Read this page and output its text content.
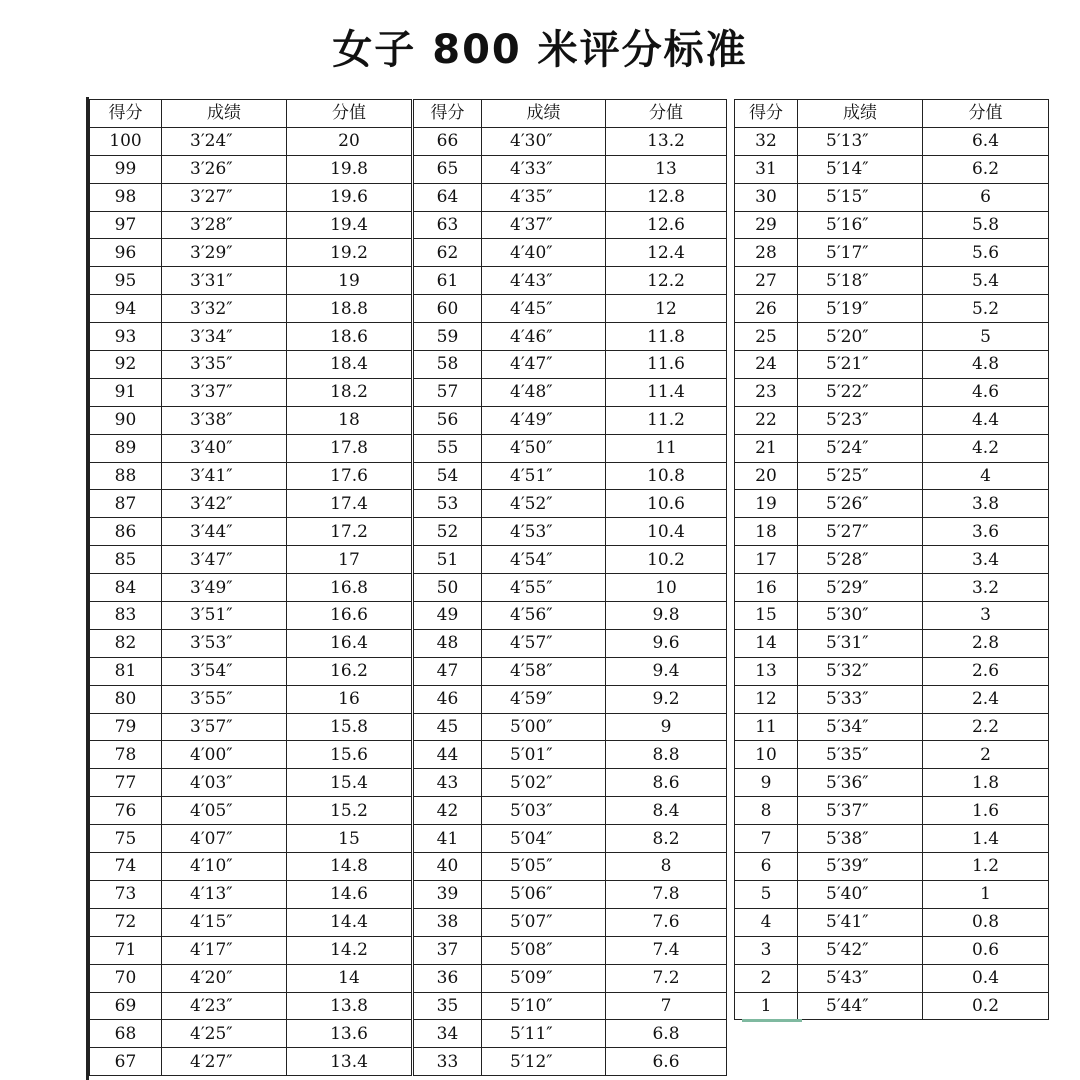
女子 800 米评分标准
得分	成绩	分值
100	3′24″	20
99	3′26″	19.8
98	3′27″	19.6
97	3′28″	19.4
96	3′29″	19.2
95	3′31″	19
94	3′32″	18.8
93	3′34″	18.6
92	3′35″	18.4
91	3′37″	18.2
90	3′38″	18
89	3′40″	17.8
88	3′41″	17.6
87	3′42″	17.4
86	3′44″	17.2
85	3′47″	17
84	3′49″	16.8
83	3′51″	16.6
82	3′53″	16.4
81	3′54″	16.2
80	3′55″	16
79	3′57″	15.8
78	4′00″	15.6
77	4′03″	15.4
76	4′05″	15.2
75	4′07″	15
74	4′10″	14.8
73	4′13″	14.6
72	4′15″	14.4
71	4′17″	14.2
70	4′20″	14
69	4′23″	13.8
68	4′25″	13.6
67	4′27″	13.4
得分	成绩	分值
66	4′30″	13.2
65	4′33″	13
64	4′35″	12.8
63	4′37″	12.6
62	4′40″	12.4
61	4′43″	12.2
60	4′45″	12
59	4′46″	11.8
58	4′47″	11.6
57	4′48″	11.4
56	4′49″	11.2
55	4′50″	11
54	4′51″	10.8
53	4′52″	10.6
52	4′53″	10.4
51	4′54″	10.2
50	4′55″	10
49	4′56″	9.8
48	4′57″	9.6
47	4′58″	9.4
46	4′59″	9.2
45	5′00″	9
44	5′01″	8.8
43	5′02″	8.6
42	5′03″	8.4
41	5′04″	8.2
40	5′05″	8
39	5′06″	7.8
38	5′07″	7.6
37	5′08″	7.4
36	5′09″	7.2
35	5′10″	7
34	5′11″	6.8
33	5′12″	6.6
得分	成绩	分值
32	5′13″	6.4
31	5′14″	6.2
30	5′15″	6
29	5′16″	5.8
28	5′17″	5.6
27	5′18″	5.4
26	5′19″	5.2
25	5′20″	5
24	5′21″	4.8
23	5′22″	4.6
22	5′23″	4.4
21	5′24″	4.2
20	5′25″	4
19	5′26″	3.8
18	5′27″	3.6
17	5′28″	3.4
16	5′29″	3.2
15	5′30″	3
14	5′31″	2.8
13	5′32″	2.6
12	5′33″	2.4
11	5′34″	2.2
10	5′35″	2
9	5′36″	1.8
8	5′37″	1.6
7	5′38″	1.4
6	5′39″	1.2
5	5′40″	1
4	5′41″	0.8
3	5′42″	0.6
2	5′43″	0.4
1	5′44″	0.2
